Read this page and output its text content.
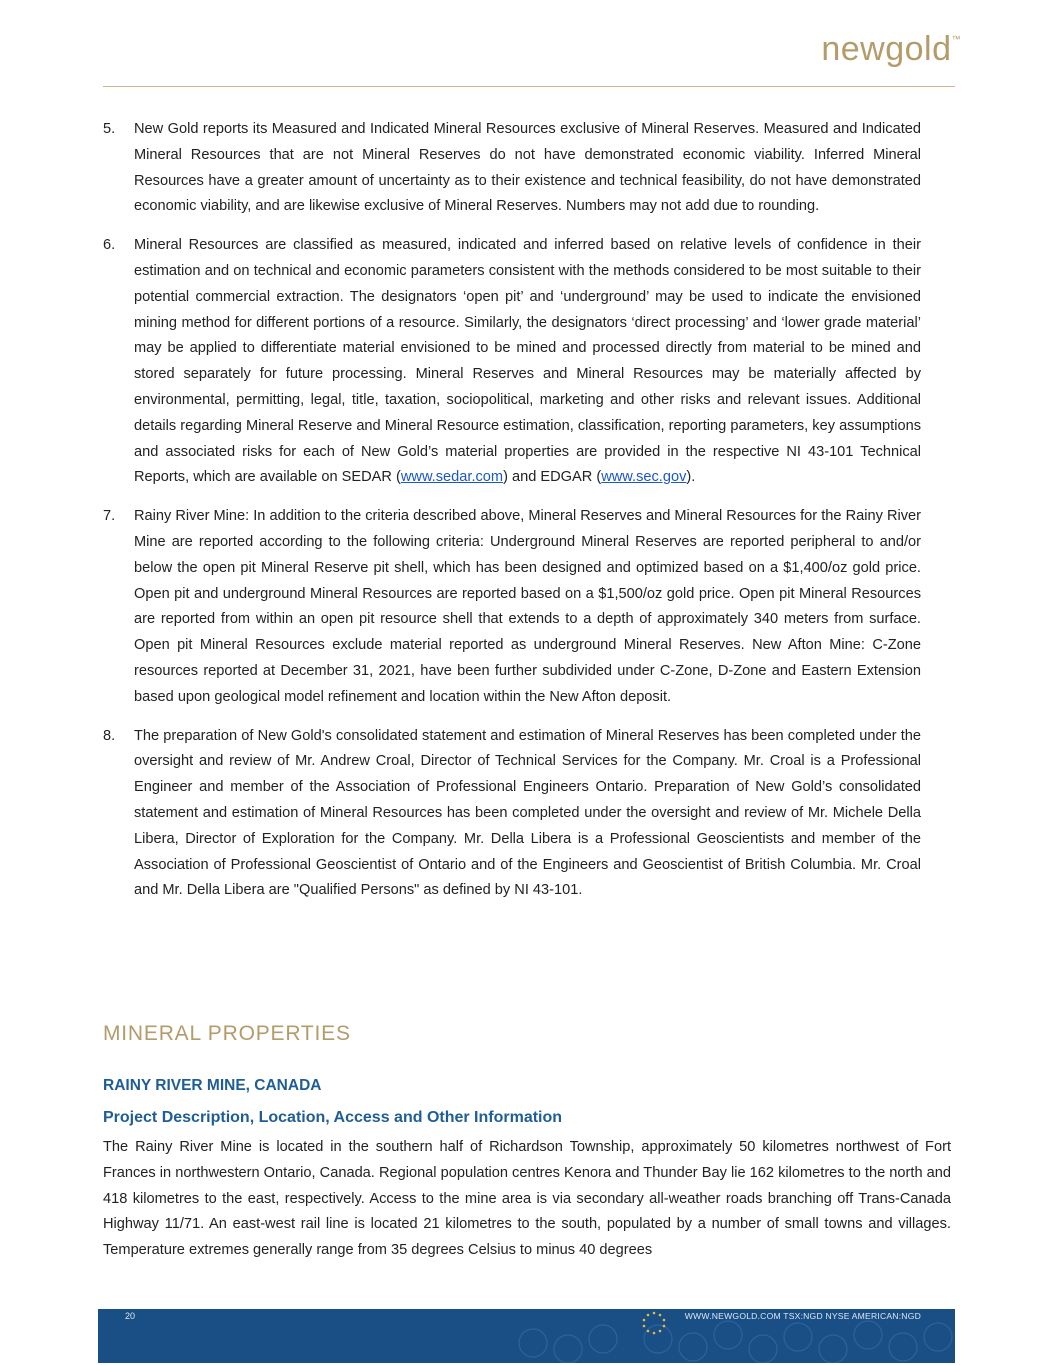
newgold™
5. New Gold reports its Measured and Indicated Mineral Resources exclusive of Mineral Reserves. Measured and Indicated Mineral Resources that are not Mineral Reserves do not have demonstrated economic viability. Inferred Mineral Resources have a greater amount of uncertainty as to their existence and technical feasibility, do not have demonstrated economic viability, and are likewise exclusive of Mineral Reserves. Numbers may not add due to rounding.
6. Mineral Resources are classified as measured, indicated and inferred based on relative levels of confidence in their estimation and on technical and economic parameters consistent with the methods considered to be most suitable to their potential commercial extraction. The designators ‘open pit’ and ‘underground’ may be used to indicate the envisioned mining method for different portions of a resource. Similarly, the designators ‘direct processing’ and ‘lower grade material’ may be applied to differentiate material envisioned to be mined and processed directly from material to be mined and stored separately for future processing. Mineral Reserves and Mineral Resources may be materially affected by environmental, permitting, legal, title, taxation, sociopolitical, marketing and other risks and relevant issues. Additional details regarding Mineral Reserve and Mineral Resource estimation, classification, reporting parameters, key assumptions and associated risks for each of New Gold’s material properties are provided in the respective NI 43-101 Technical Reports, which are available on SEDAR (www.sedar.com) and EDGAR (www.sec.gov).
7. Rainy River Mine: In addition to the criteria described above, Mineral Reserves and Mineral Resources for the Rainy River Mine are reported according to the following criteria: Underground Mineral Reserves are reported peripheral to and/or below the open pit Mineral Reserve pit shell, which has been designed and optimized based on a $1,400/oz gold price. Open pit and underground Mineral Resources are reported based on a $1,500/oz gold price. Open pit Mineral Resources are reported from within an open pit resource shell that extends to a depth of approximately 340 meters from surface. Open pit Mineral Resources exclude material reported as underground Mineral Reserves. New Afton Mine: C-Zone resources reported at December 31, 2021, have been further subdivided under C-Zone, D-Zone and Eastern Extension based upon geological model refinement and location within the New Afton deposit.
8. The preparation of New Gold's consolidated statement and estimation of Mineral Reserves has been completed under the oversight and review of Mr. Andrew Croal, Director of Technical Services for the Company. Mr. Croal is a Professional Engineer and member of the Association of Professional Engineers Ontario. Preparation of New Gold’s consolidated statement and estimation of Mineral Resources has been completed under the oversight and review of Mr. Michele Della Libera, Director of Exploration for the Company. Mr. Della Libera is a Professional Geoscientists and member of the Association of Professional Geoscientist of Ontario and of the Engineers and Geoscientist of British Columbia. Mr. Croal and Mr. Della Libera are "Qualified Persons" as defined by NI 43-101.
MINERAL PROPERTIES
RAINY RIVER MINE, CANADA
Project Description, Location, Access and Other Information

The Rainy River Mine is located in the southern half of Richardson Township, approximately 50 kilometres northwest of Fort Frances in northwestern Ontario, Canada. Regional population centres Kenora and Thunder Bay lie 162 kilometres to the north and 418 kilometres to the east, respectively. Access to the mine area is via secondary all-weather roads branching off Trans-Canada Highway 11/71. An east-west rail line is located 21 kilometres to the south, populated by a number of small towns and villages. Temperature extremes generally range from 35 degrees Celsius to minus 40 degrees

20	WWW.NEWGOLD.COM TSX:NGD NYSE AMERICAN:NGD
